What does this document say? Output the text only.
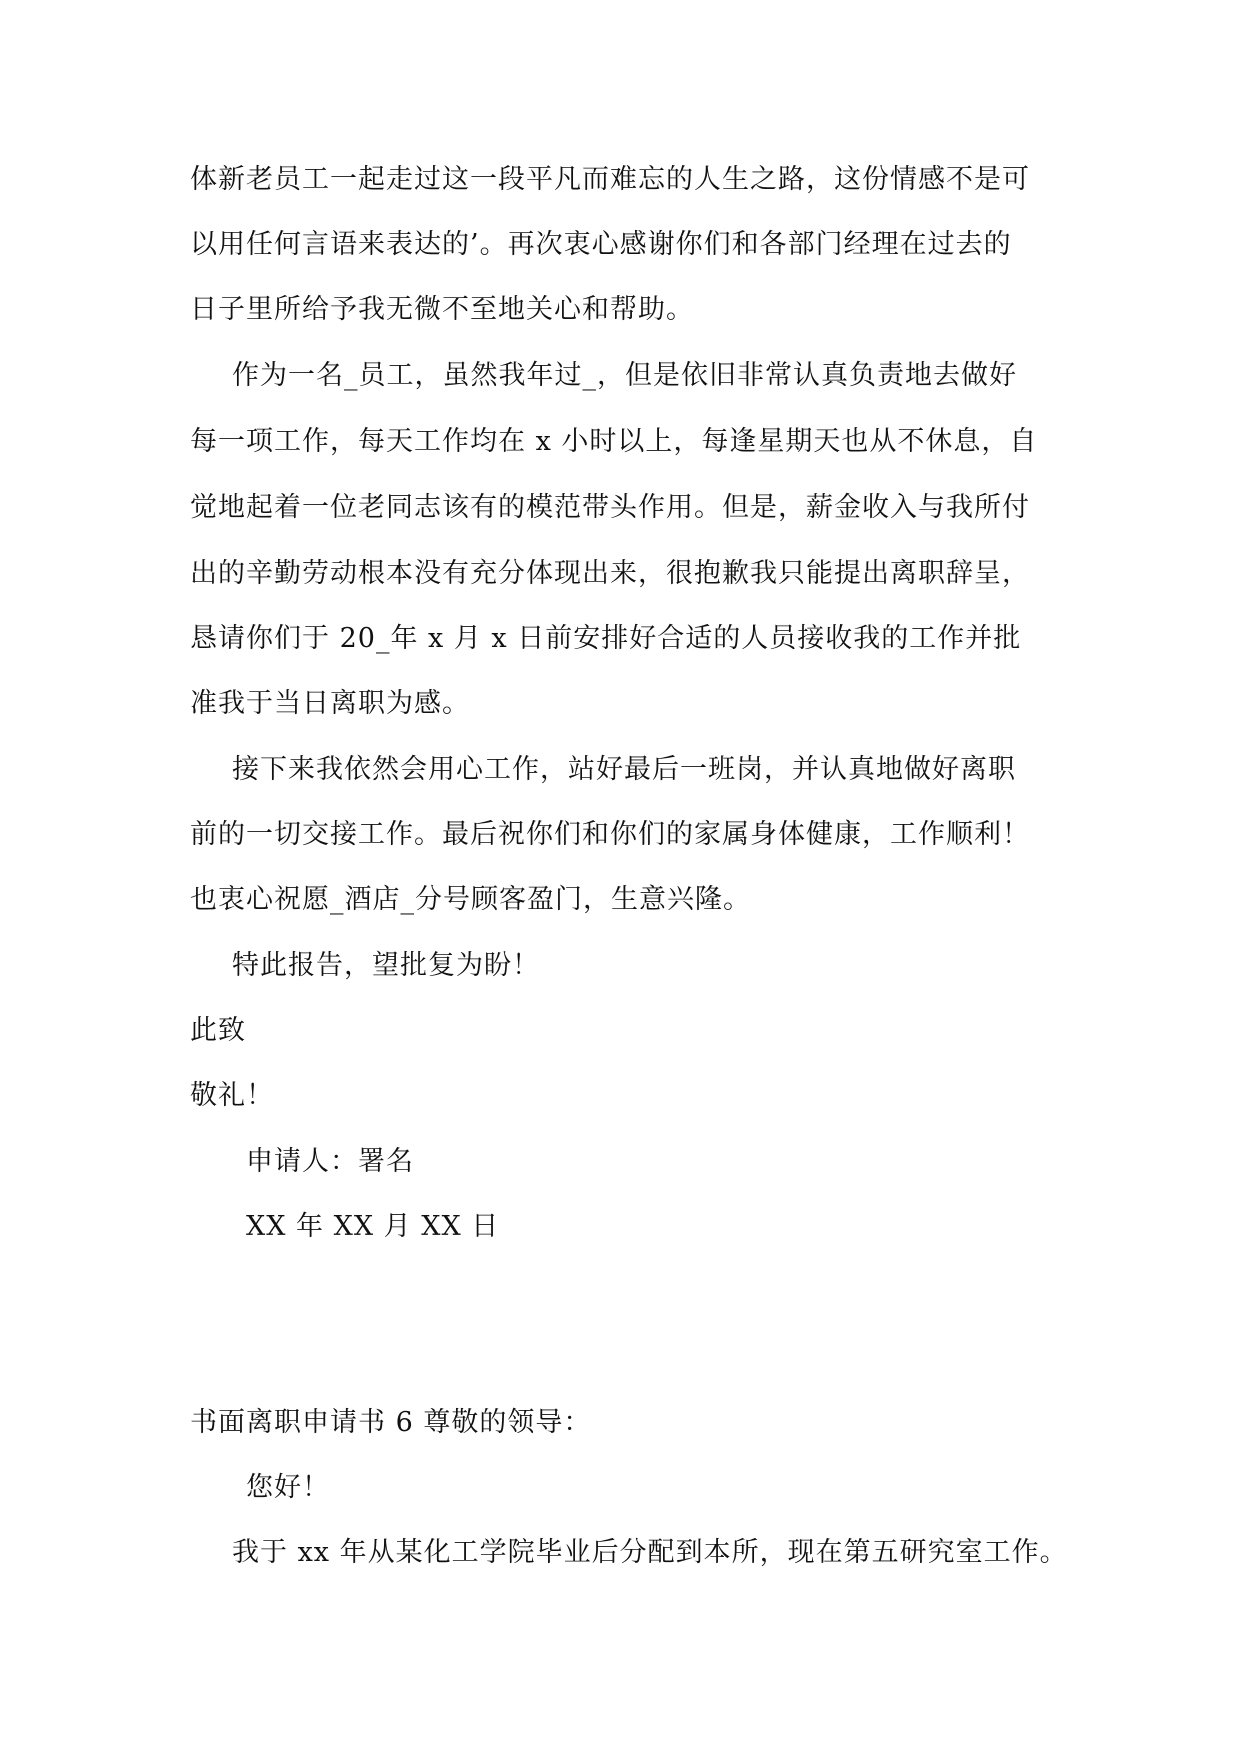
体新老员工一起走过这一段平凡而难忘的人生之路，这份情感不是可
以用任何言语来表达的’。再次衷心感谢你们和各部门经理在过去的
日子里所给予我无微不至地关心和帮助。
作为一名_员工，虽然我年过_，但是依旧非常认真负责地去做好
每一项工作，每天工作均在 x 小时以上，每逢星期天也从不休息，自
觉地起着一位老同志该有的模范带头作用。但是，薪金收入与我所付
出的辛勤劳动根本没有充分体现出来，很抱歉我只能提出离职辞呈，
恳请你们于 20_年 x 月 x 日前安排好合适的人员接收我的工作并批
准我于当日离职为感。
接下来我依然会用心工作，站好最后一班岗，并认真地做好离职
前的一切交接工作。最后祝你们和你们的家属身体健康，工作顺利！
也衷心祝愿_酒店_分号顾客盈门，生意兴隆。
特此报告，望批复为盼！
此致
敬礼！
申请人：署名
XX 年 XX 月 XX 日
书面离职申请书 6 尊敬的领导：
您好！
我于 xx 年从某化工学院毕业后分配到本所，现在第五研究室工作。
